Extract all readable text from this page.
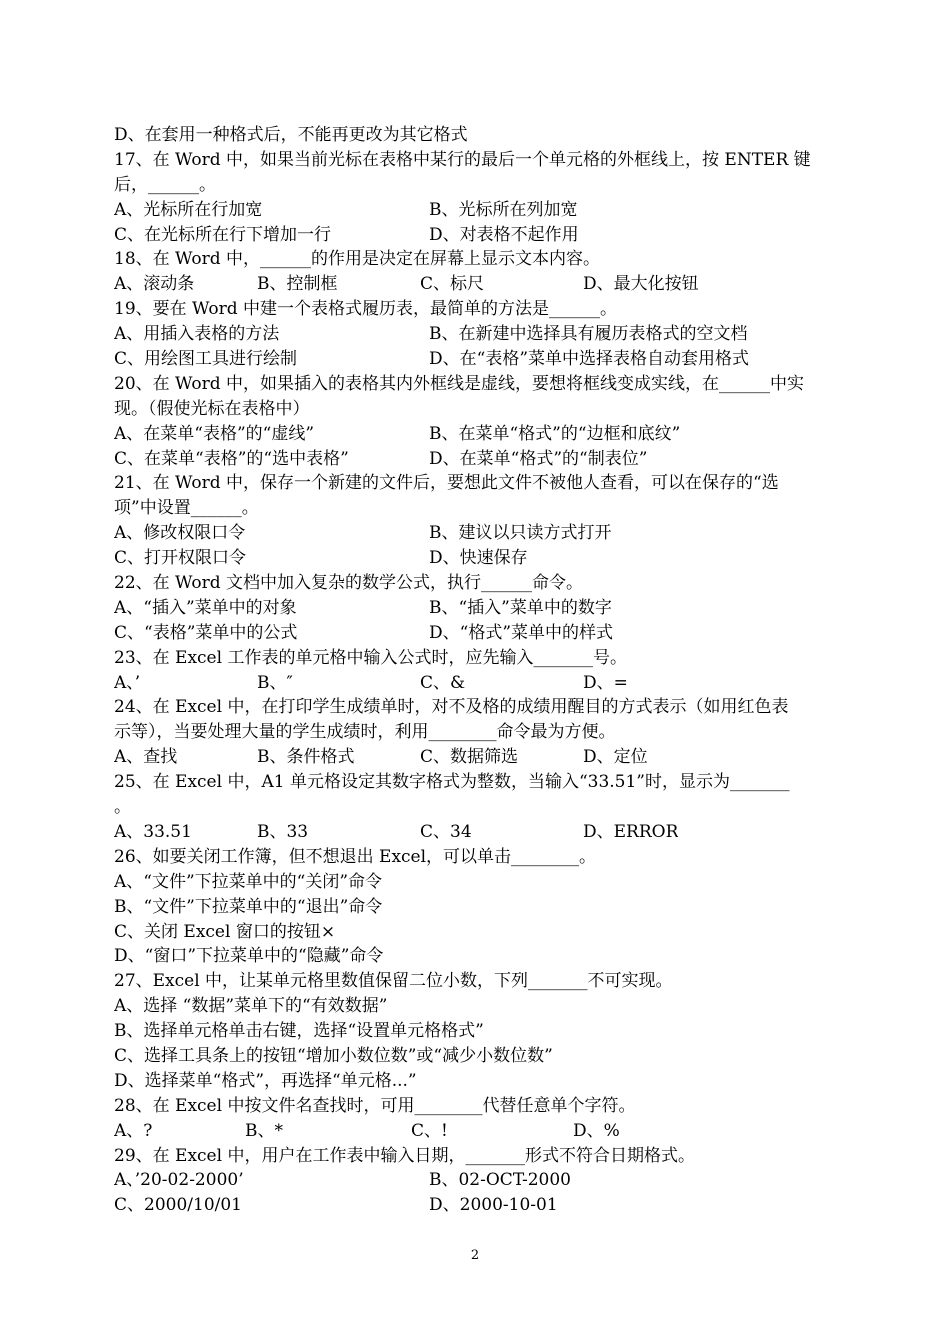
D、在套用一种格式后，不能再更改为其它格式
17、在 Word 中，如果当前光标在表格中某行的最后一个单元格的外框线上，按 ENTER 键
后，______。
A、光标所在行加宽	B、光标所在列加宽
C、在光标所在行下增加一行	D、对表格不起作用
18、在 Word 中，______的作用是决定在屏幕上显示文本内容。
A、滚动条	B、控制框	C、标尺	D、最大化按钮
19、要在 Word 中建一个表格式履历表，最简单的方法是______。
A、用插入表格的方法	B、在新建中选择具有履历表格式的空文档
C、用绘图工具进行绘制	D、在“表格”菜单中选择表格自动套用格式
20、在 Word 中，如果插入的表格其内外框线是虚线，要想将框线变成实线，在______中实
现。（假使光标在表格中）
A、在菜单“表格”的“虚线”	B、在菜单“格式”的“边框和底纹”
C、在菜单“表格”的“选中表格”	D、在菜单“格式”的“制表位”
21、在 Word 中，保存一个新建的文件后，要想此文件不被他人查看，可以在保存的“选
项”中设置______。
A、修改权限口令	B、建议以只读方式打开
C、打开权限口令	D、快速保存
22、在 Word 文档中加入复杂的数学公式，执行______命令。
A、“插入”菜单中的对象	B、“插入”菜单中的数字
C、“表格”菜单中的公式	D、“格式”菜单中的样式
23、在 Excel 工作表的单元格中输入公式时，应先输入_______号。
A、’	B、″	C、&	D、=
24、在 Excel 中，在打印学生成绩单时，对不及格的成绩用醒目的方式表示（如用红色表
示等），当要处理大量的学生成绩时，利用________命令最为方便。
A、查找	B、条件格式	C、数据筛选	D、定位
25、在 Excel 中，A1 单元格设定其数字格式为整数，当输入“33.51”时，显示为_______
。
A、33.51	B、33	C、34	D、ERROR
26、如要关闭工作簿，但不想退出 Excel，可以单击________。
A、“文件”下拉菜单中的“关闭”命令
B、“文件”下拉菜单中的“退出”命令
C、关闭 Excel 窗口的按钮×
D、“窗口”下拉菜单中的“隐藏”命令
27、Excel 中，让某单元格里数值保留二位小数，下列_______不可实现。
A、选择 “数据”菜单下的“有效数据”
B、选择单元格单击右键，选择“设置单元格格式”
C、选择工具条上的按钮“增加小数位数”或“减少小数位数”
D、选择菜单“格式”，再选择“单元格...”
28、在 Excel 中按文件名查找时，可用________代替任意单个字符。
A、?	B、*	C、!	D、%
29、在 Excel 中，用户在工作表中输入日期，_______形式不符合日期格式。
A、’20-02-2000’	B、02-OCT-2000
C、2000/10/01	D、2000-10-01
2
